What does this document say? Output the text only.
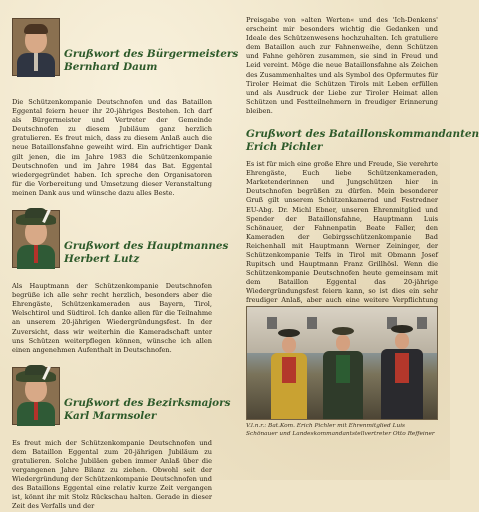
Grußwort des Bürgermeisters
Bernhard Daum

Die Schützenkompanie Deutschnofen und das Bataillon Eggental feiern heuer ihr 20-jähriges Bestehen. Ich darf als Bürgermeister und Vertreter der Gemeinde Deutschnofen zu diesem Jubiläum ganz herzlich gratulieren. Es freut mich, dass zu diesem Anlaß auch die neue Bataillonsfahne geweiht wird. Ein aufrichtiger Dank gilt jenen, die im Jahre 1983 die Schützenkompanie Deutschnofen und im Jahre 1984 das Bat. Eggental wiedergegründet haben. Ich spreche den Organisatoren für die Vorbereitung und Umsetzung dieser Veranstaltung meinen Dank aus und wünsche dazu alles Beste.

Grußwort des Hauptmannes
Herbert Lutz

Als Hauptmann der Schützenkompanie Deutschnofen begrüße ich alle sehr recht herzlich, besonders aber die Ehrengäste, Schützenkameraden aus Bayern, Tirol, Welschtirol und Südtirol. Ich danke allen für die Teilnahme an unserem 20-jährigen Wiedergründungsfest. In der Zuversicht, dass wir weiterhin die Kameradschaft unter uns Schützen weiterpflegen können, wünsche ich allen einen angenehmen Aufenthalt in Deutschnofen.

Grußwort des Bezirksmajors
Karl Marmsoler

Es freut mich der Schützenkompanie Deutschnofen und dem Bataillon Eggental zum 20-jährigen Jubiläum zu gratulieren. Solche Jubiläen geben immer Anlaß über die vergangenen Jahre Bilanz zu ziehen. Obwohl seit der Wiedergründung der Schützenkompanie Deutschnofen und des Bataillons Eggental eine relativ kurze Zeit vergangen ist, könnt ihr mit Stolz Rückschau halten. Gerade in dieser Zeit des Verfalls und der

Preisgabe von »alten Werten« und des 'Ich-Denkens' erscheint mir besonders wichtig die Gedanken und Ideale des Schützenwesens hochzuhalten. Ich gratuliere dem Bataillon auch zur Fahnenweihe, denn Schützen und Fahne gehören zusammen, sie sind in Freud und Leid vereint. Möge die neue Bataillonsfahne als Zeichen des Zusammenhaltes und als Symbol des Opfermutes für Tiroler Heimat die Schützen Tirols mit Leben erfüllen und als Ausdruck der Liebe zur Tiroler Heimat allen Schützen und Festteilnehmern in freudiger Erinnerung bleiben.

Grußwort des Bataillonskommandanten
Erich Pichler

Es ist für mich eine große Ehre und Freude, Sie verehrte Ehrengäste, Euch liebe Schützenkameraden, Marketenderinnen und Jungschützen hier in Deutschnofen begrüßen zu dürfen. Mein besonderer Gruß gilt unserem Schützenkamerad und Festredner EU-Abg. Dr. Michl Ebner, unseren Ehrenmitglied und Spender der Bataillonsfahne, Hauptmann Luis Schönauer, der Fahnenpatin Beate Faller, den Kameraden der Gebirgsschützenkompanie Bad Reichenhall mit Hauptmann Werner Zeininger, der Schützenkompanie Telfs in Tirol mit Obmann Josef Rupitsch und Hauptmann Franz Grillhösl. Wenn die Schützenkompanie Deutschnofen heute gemeinsam mit dem Bataillon Eggental das 20-jährige Wiedergründungsfest feiern kann, so ist dies ein sehr freudiger Anlaß, aber auch eine weitere Verpflichtung

V.l.n.r.: Bat.Kom. Erich Pichler mit Ehrenmitglied Luis Schönauer und Landeskommandantstellvertreter Otto Reffeiner
